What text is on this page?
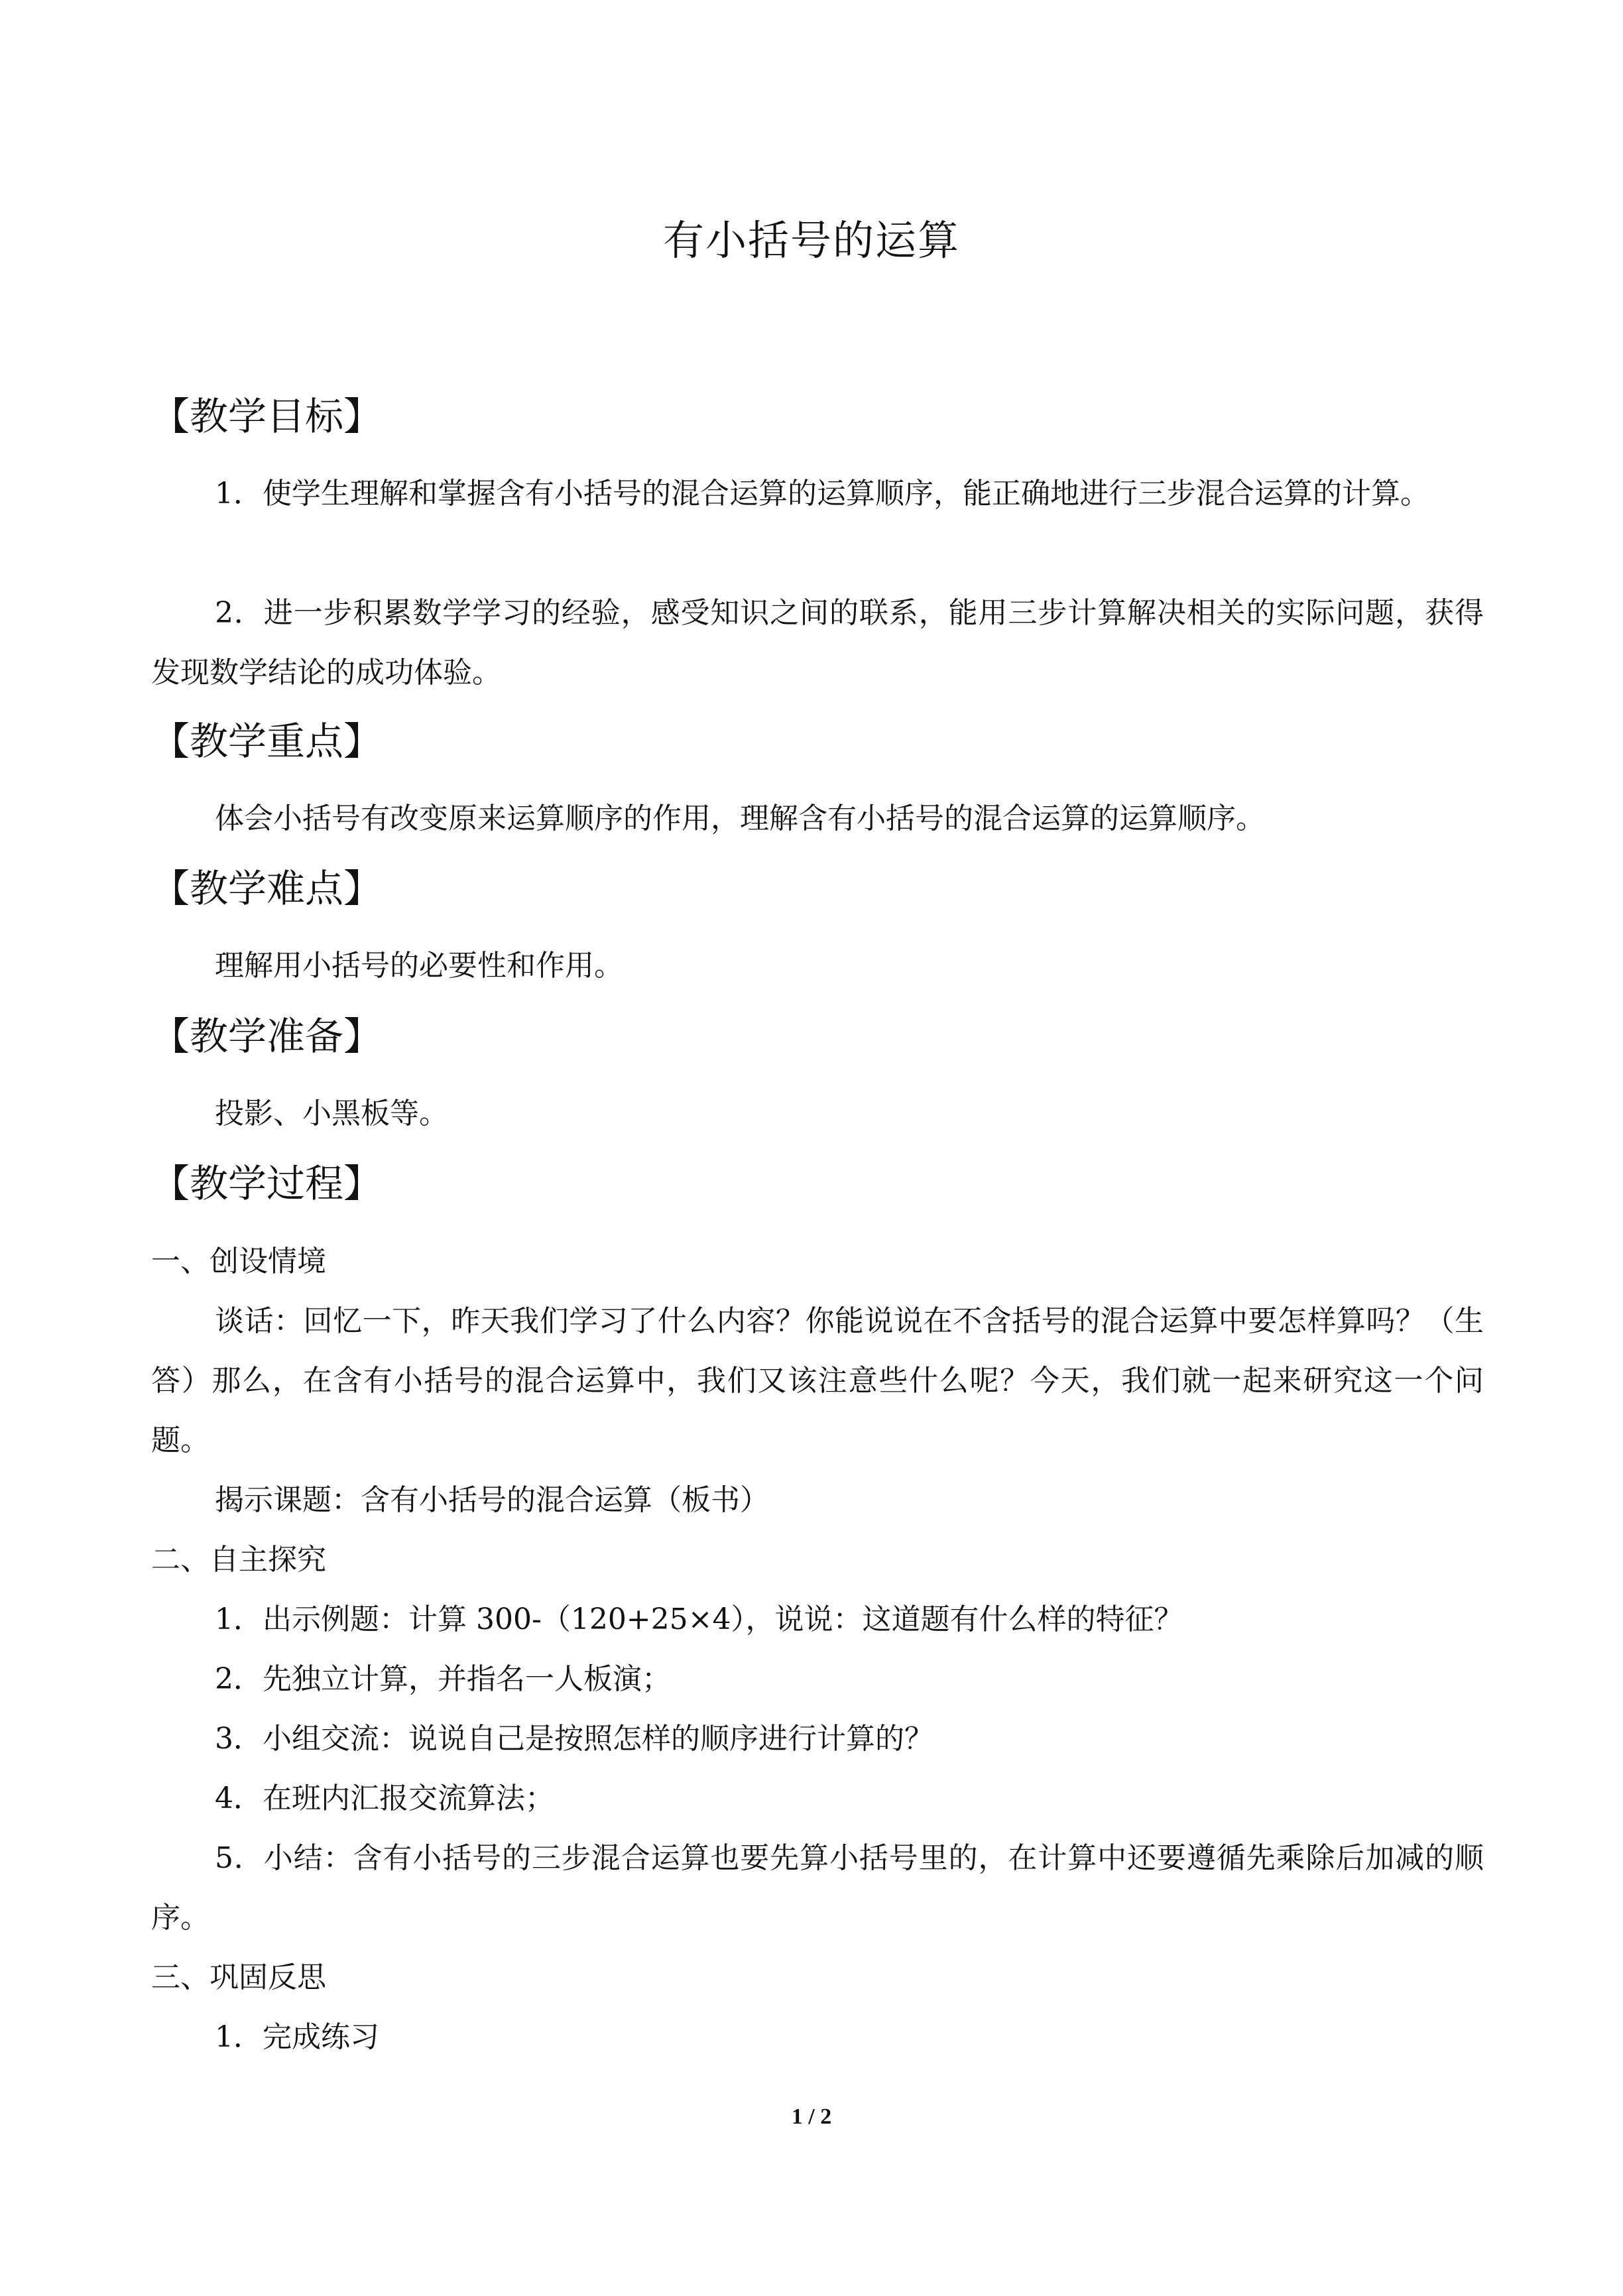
有小括号的运算
【教学目标】
1．使学生理解和掌握含有小括号的混合运算的运算顺序，能正确地进行三步混合运算的计算。
2．进一步积累数学学习的经验，感受知识之间的联系，能用三步计算解决相关的实际问题，获得发现数学结论的成功体验。
【教学重点】
体会小括号有改变原来运算顺序的作用，理解含有小括号的混合运算的运算顺序。
【教学难点】
理解用小括号的必要性和作用。
【教学准备】
投影、小黑板等。
【教学过程】
一、创设情境
谈话：回忆一下，昨天我们学习了什么内容？你能说说在不含括号的混合运算中要怎样算吗？（生答）那么，在含有小括号的混合运算中，我们又该注意些什么呢？今天，我们就一起来研究这一个问题。
揭示课题：含有小括号的混合运算（板书）
二、自主探究
1．出示例题：计算 300-（120+25×4），说说：这道题有什么样的特征？
2．先独立计算，并指名一人板演；
3．小组交流：说说自己是按照怎样的顺序进行计算的？
4．在班内汇报交流算法；
5．小结：含有小括号的三步混合运算也要先算小括号里的，在计算中还要遵循先乘除后加减的顺序。
三、巩固反思
1．完成练习
1 / 2
